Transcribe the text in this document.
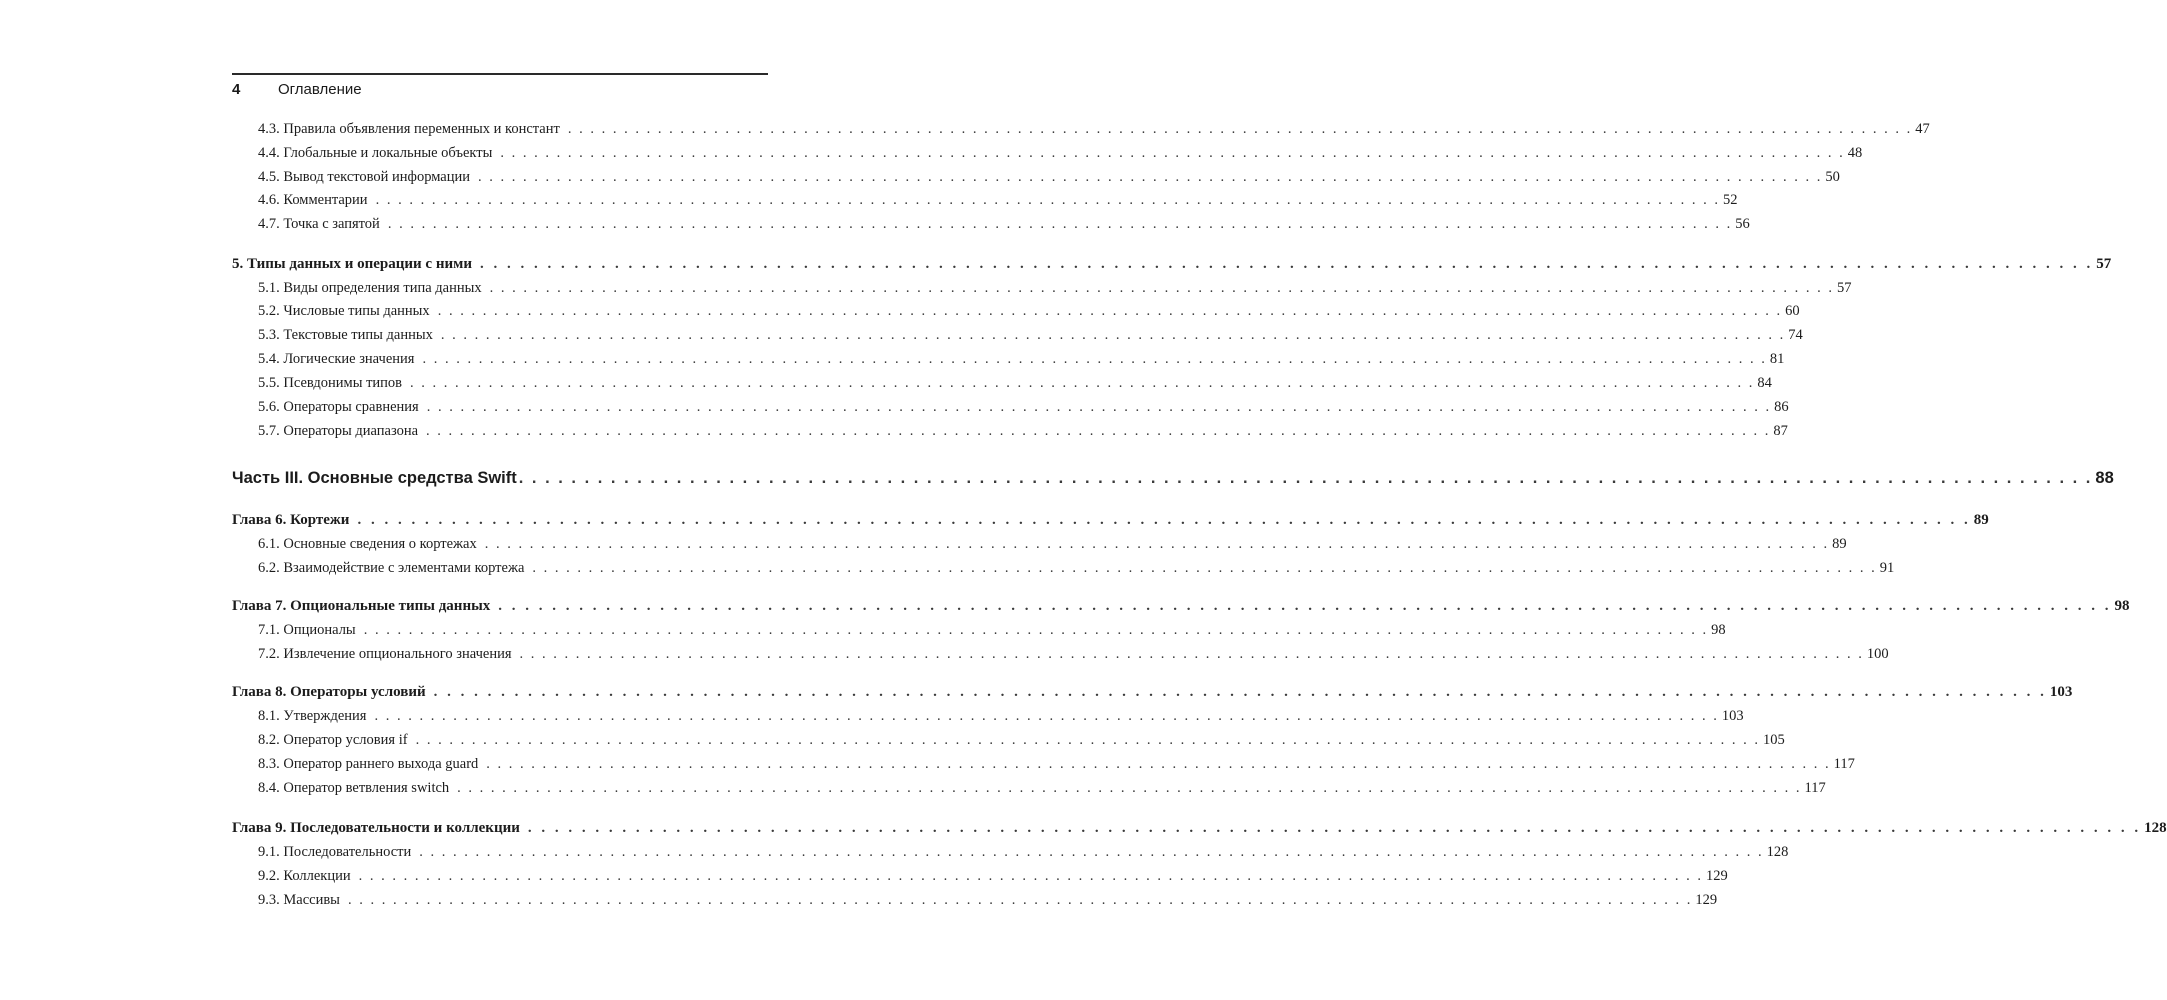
4	Оглавление
4.3. Правила объявления переменных и констант . . . . . . . . . . . . . . . . . . . . . . . . . . . . . . . . . . . . . . . . . . . . . . . . . . . . . . . . . . . . . . . . . . . . . . . . . . . . . . . . . . . . . . . . . . . . . . . . . . . . . . . . . . . . . . . . . . . . . . . . 47
4.4. Глобальные и локальные объекты . . . . . . . . . . . . . . . . . . . . . . . . . . . . . . . . . . . . . . . . . . . . . . . . . . . . . . . . . . . . . . . . . . . . . . . . . . . . . . . . . . . . . . . . . . . . . . . . . . . . . . . . . . . . . . . . . . . . . . . . 48
4.5. Вывод текстовой информации . . . . . . . . . . . . . . . . . . . . . . . . . . . . . . . . . . . . . . . . . . . . . . . . . . . . . . . . . . . . . . . . . . . . . . . . . . . . . . . . . . . . . . . . . . . . . . . . . . . . . . . . . . . . . . . . . . . . . . . . 50
4.6. Комментарии . . . . . . . . . . . . . . . . . . . . . . . . . . . . . . . . . . . . . . . . . . . . . . . . . . . . . . . . . . . . . . . . . . . . . . . . . . . . . . . . . . . . . . . . . . . . . . . . . . . . . . . . . . . . . . . . . . . . . . . . 52
4.7. Точка с запятой . . . . . . . . . . . . . . . . . . . . . . . . . . . . . . . . . . . . . . . . . . . . . . . . . . . . . . . . . . . . . . . . . . . . . . . . . . . . . . . . . . . . . . . . . . . . . . . . . . . . . . . . . . . . . . . . . . . . . . . . 56
5. Типы данных и операции с ними . . . . . . . . . . . . . . . . . . . . . . . . . . . . . . . . . . . . . . . . . . . . . . . . . . . . . . . . . . . . . . . . . . . . . . . . . . . . . . . . . . . . . . . . . . . . . . . . . . . . . . . . . . . . . . . . . . . . . . . . 57
5.1. Виды определения типа данных . . . . . . . . . . . . . . . . . . . . . . . . . . . . . . . . . . . . . . . . . . . . . . . . . . . . . . . . . . . . . . . . . . . . . . . . . . . . . . . . . . . . . . . . . . . . . . . . . . . . . . . . . . . . . . . . . . . . . . . . 57
5.2. Числовые типы данных . . . . . . . . . . . . . . . . . . . . . . . . . . . . . . . . . . . . . . . . . . . . . . . . . . . . . . . . . . . . . . . . . . . . . . . . . . . . . . . . . . . . . . . . . . . . . . . . . . . . . . . . . . . . . . . . . . . . . . . . 60
5.3. Текстовые типы данных . . . . . . . . . . . . . . . . . . . . . . . . . . . . . . . . . . . . . . . . . . . . . . . . . . . . . . . . . . . . . . . . . . . . . . . . . . . . . . . . . . . . . . . . . . . . . . . . . . . . . . . . . . . . . . . . . . . . . . . . 74
5.4. Логические значения . . . . . . . . . . . . . . . . . . . . . . . . . . . . . . . . . . . . . . . . . . . . . . . . . . . . . . . . . . . . . . . . . . . . . . . . . . . . . . . . . . . . . . . . . . . . . . . . . . . . . . . . . . . . . . . . . . . . . . . . 81
5.5. Псевдонимы типов . . . . . . . . . . . . . . . . . . . . . . . . . . . . . . . . . . . . . . . . . . . . . . . . . . . . . . . . . . . . . . . . . . . . . . . . . . . . . . . . . . . . . . . . . . . . . . . . . . . . . . . . . . . . . . . . . . . . . . . . 84
5.6. Операторы сравнения . . . . . . . . . . . . . . . . . . . . . . . . . . . . . . . . . . . . . . . . . . . . . . . . . . . . . . . . . . . . . . . . . . . . . . . . . . . . . . . . . . . . . . . . . . . . . . . . . . . . . . . . . . . . . . . . . . . . . . . . 86
5.7. Операторы диапазона . . . . . . . . . . . . . . . . . . . . . . . . . . . . . . . . . . . . . . . . . . . . . . . . . . . . . . . . . . . . . . . . . . . . . . . . . . . . . . . . . . . . . . . . . . . . . . . . . . . . . . . . . . . . . . . . . . . . . . . . 87
Часть III. Основные средства Swift . . . . . . . . . . . . . . . . . . . . . . . . . . . . . . . . . . . . . . . . . . . . . . . . . . . . . . . . . . . . . . . . . . . . . . . . . . . . . . . . . . . . . . . . . . . . . . . . . . . . . . . . . . . . . . . . . . . . . . . . 88
Глава 6. Кортежи . . . . . . . . . . . . . . . . . . . . . . . . . . . . . . . . . . . . . . . . . . . . . . . . . . . . . . . . . . . . . . . . . . . . . . . . . . . . . . . . . . . . . . . . . . . . . . . . . . . . . . . . . . . . . . . . . . . . . . . . 89
6.1. Основные сведения о кортежах . . . . . . . . . . . . . . . . . . . . . . . . . . . . . . . . . . . . . . . . . . . . . . . . . . . . . . . . . . . . . . . . . . . . . . . . . . . . . . . . . . . . . . . . . . . . . . . . . . . . . . . . . . . . . . . . . . . . . . . . 89
6.2. Взаимодействие с элементами кортежа . . . . . . . . . . . . . . . . . . . . . . . . . . . . . . . . . . . . . . . . . . . . . . . . . . . . . . . . . . . . . . . . . . . . . . . . . . . . . . . . . . . . . . . . . . . . . . . . . . . . . . . . . . . . . . . . . . . . . . . . 91
Глава 7. Опциональные типы данных . . . . . . . . . . . . . . . . . . . . . . . . . . . . . . . . . . . . . . . . . . . . . . . . . . . . . . . . . . . . . . . . . . . . . . . . . . . . . . . . . . . . . . . . . . . . . . . . . . . . . . . . . . . . . . . . . . . . . . . . 98
7.1. Опционалы . . . . . . . . . . . . . . . . . . . . . . . . . . . . . . . . . . . . . . . . . . . . . . . . . . . . . . . . . . . . . . . . . . . . . . . . . . . . . . . . . . . . . . . . . . . . . . . . . . . . . . . . . . . . . . . . . . . . . . . . 98
7.2. Извлечение опционального значения . . . . . . . . . . . . . . . . . . . . . . . . . . . . . . . . . . . . . . . . . . . . . . . . . . . . . . . . . . . . . . . . . . . . . . . . . . . . . . . . . . . . . . . . . . . . . . . . . . . . . . . . . . . . . . . . . . . . . . . . 100
Глава 8. Операторы условий . . . . . . . . . . . . . . . . . . . . . . . . . . . . . . . . . . . . . . . . . . . . . . . . . . . . . . . . . . . . . . . . . . . . . . . . . . . . . . . . . . . . . . . . . . . . . . . . . . . . . . . . . . . . . . . . . . . . . . . . 103
8.1. Утверждения . . . . . . . . . . . . . . . . . . . . . . . . . . . . . . . . . . . . . . . . . . . . . . . . . . . . . . . . . . . . . . . . . . . . . . . . . . . . . . . . . . . . . . . . . . . . . . . . . . . . . . . . . . . . . . . . . . . . . . . . 103
8.2. Оператор условия if . . . . . . . . . . . . . . . . . . . . . . . . . . . . . . . . . . . . . . . . . . . . . . . . . . . . . . . . . . . . . . . . . . . . . . . . . . . . . . . . . . . . . . . . . . . . . . . . . . . . . . . . . . . . . . . . . . . . . . . . 105
8.3. Оператор раннего выхода guard . . . . . . . . . . . . . . . . . . . . . . . . . . . . . . . . . . . . . . . . . . . . . . . . . . . . . . . . . . . . . . . . . . . . . . . . . . . . . . . . . . . . . . . . . . . . . . . . . . . . . . . . . . . . . . . . . . . . . . . . 117
8.4. Оператор ветвления switch . . . . . . . . . . . . . . . . . . . . . . . . . . . . . . . . . . . . . . . . . . . . . . . . . . . . . . . . . . . . . . . . . . . . . . . . . . . . . . . . . . . . . . . . . . . . . . . . . . . . . . . . . . . . . . . . . . . . . . . . 117
Глава 9. Последовательности и коллекции . . . . . . . . . . . . . . . . . . . . . . . . . . . . . . . . . . . . . . . . . . . . . . . . . . . . . . . . . . . . . . . . . . . . . . . . . . . . . . . . . . . . . . . . . . . . . . . . . . . . . . . . . . . . . . . . . . . . . . . . 128
9.1. Последовательности . . . . . . . . . . . . . . . . . . . . . . . . . . . . . . . . . . . . . . . . . . . . . . . . . . . . . . . . . . . . . . . . . . . . . . . . . . . . . . . . . . . . . . . . . . . . . . . . . . . . . . . . . . . . . . . . . . . . . . . . 128
9.2. Коллекции . . . . . . . . . . . . . . . . . . . . . . . . . . . . . . . . . . . . . . . . . . . . . . . . . . . . . . . . . . . . . . . . . . . . . . . . . . . . . . . . . . . . . . . . . . . . . . . . . . . . . . . . . . . . . . . . . . . . . . . . 129
9.3. Массивы . . . . . . . . . . . . . . . . . . . . . . . . . . . . . . . . . . . . . . . . . . . . . . . . . . . . . . . . . . . . . . . . . . . . . . . . . . . . . . . . . . . . . . . . . . . . . . . . . . . . . . . . . . . . . . . . . . . . . . . . 129
